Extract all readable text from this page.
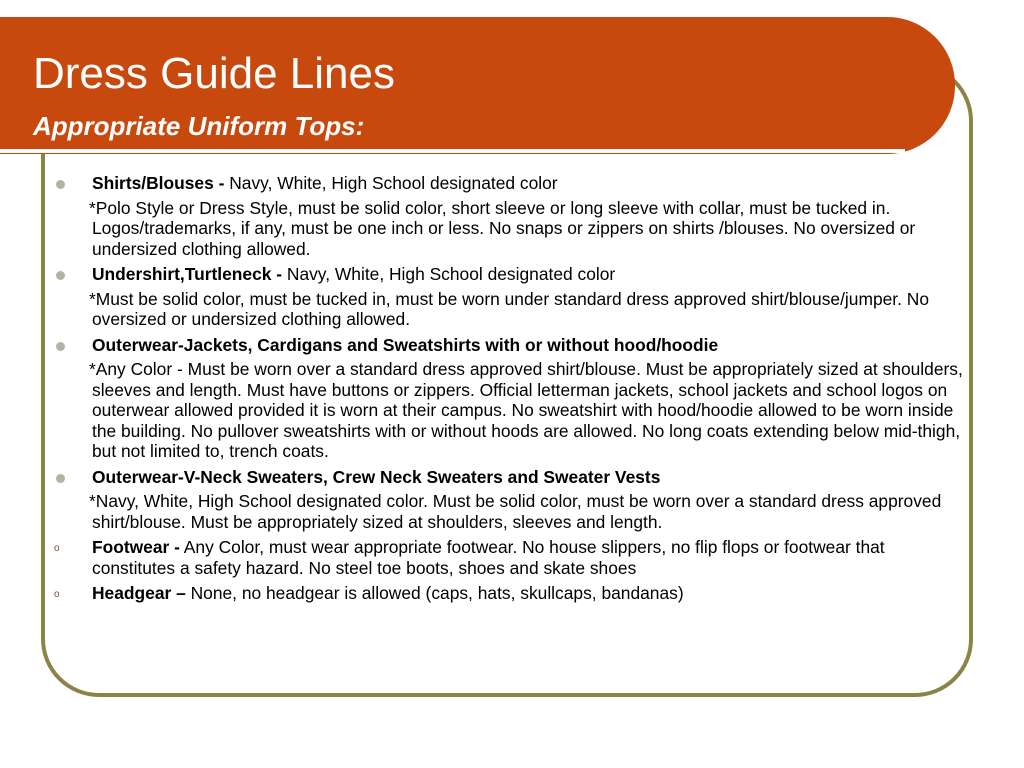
Dress Guide Lines
Appropriate Uniform Tops:
Shirts/Blouses - Navy, White, High School designated color
*Polo Style or Dress Style, must be solid color, short sleeve or long sleeve with collar, must be tucked in. Logos/trademarks, if any, must be one inch or less. No snaps or zippers on shirts /blouses. No oversized or undersized clothing allowed.
Undershirt,Turtleneck - Navy, White, High School designated color
*Must be solid color, must be tucked in, must be worn under standard dress approved shirt/blouse/jumper. No oversized or undersized clothing allowed.
Outerwear-Jackets, Cardigans and Sweatshirts with or without hood/hoodie
*Any Color - Must be worn over a standard dress approved shirt/blouse. Must be appropriately sized at shoulders, sleeves and length. Must have buttons or zippers. Official letterman jackets, school jackets and school logos on outerwear allowed provided it is worn at their campus. No sweatshirt with hood/hoodie allowed to be worn inside the building. No pullover sweatshirts with or without hoods are allowed. No long coats extending below mid-thigh, but not limited to, trench coats.
Outerwear-V-Neck Sweaters, Crew Neck Sweaters and Sweater Vests
*Navy, White, High School designated color. Must be solid color, must be worn over a standard dress approved shirt/blouse. Must be appropriately sized at shoulders, sleeves and length.
o Footwear - Any Color, must wear appropriate footwear. No house slippers, no flip flops or footwear that constitutes a safety hazard. No steel toe boots, shoes and skate shoes
o Headgear – None, no headgear is allowed (caps, hats, skullcaps, bandanas)
